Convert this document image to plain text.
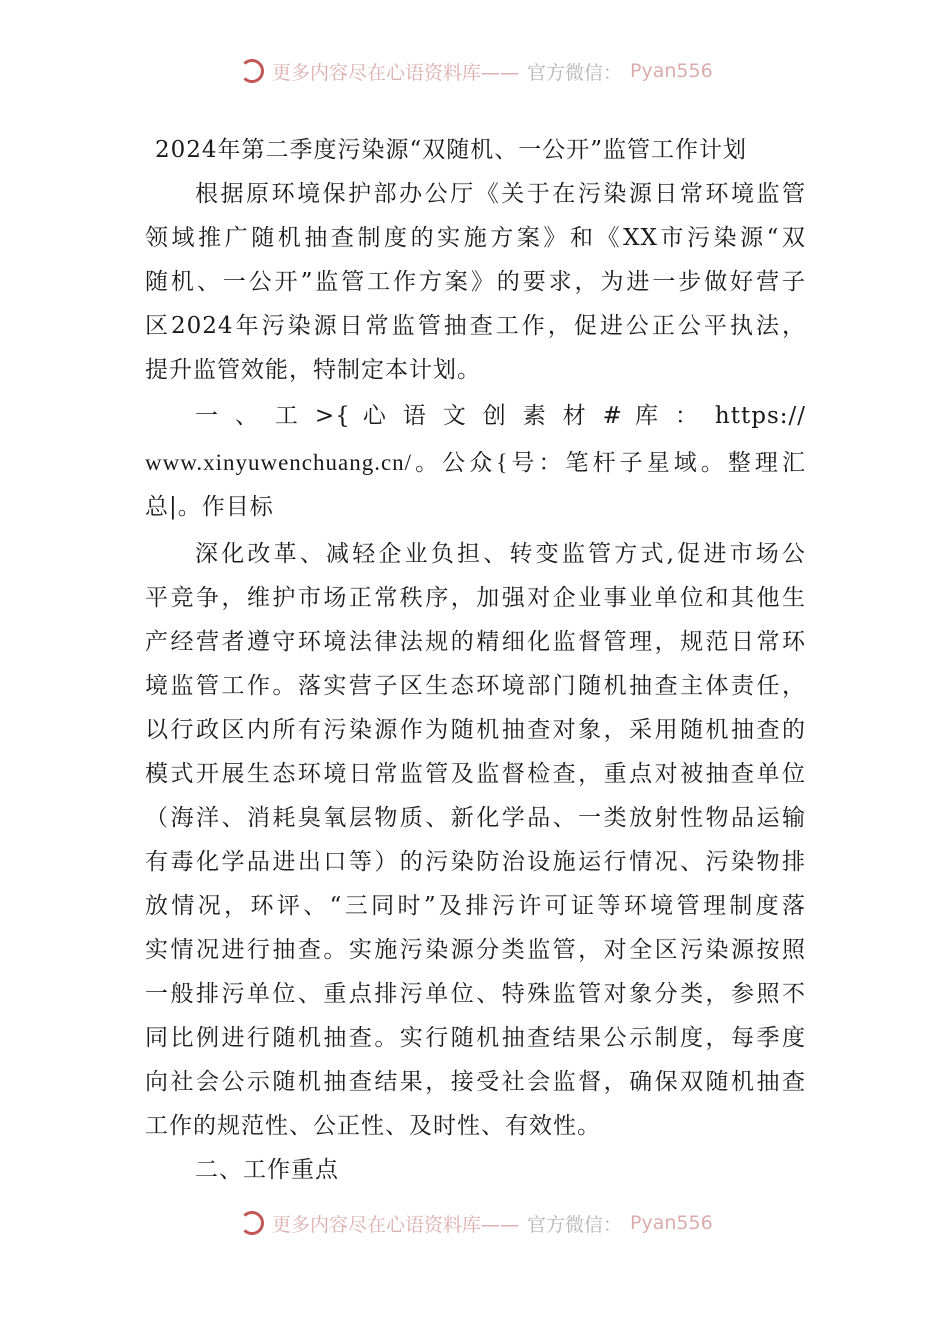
更多内容尽在心语资料库—— 官方微信： Pyan556
2024年第二季度污染源“双随机、一公开”监管工作计划
根据原环境保护部办公厅《关于在污染源日常环境监管
领域推广随机抽查制度的实施方案》和《XX市污染源“双
随机、一公开”监管工作方案》的要求，为进一步做好营子
区2024年污染源日常监管抽查工作，促进公正公平执法，
提升监管效能，特制定本计划。
一 、 工 >{ 心 语 文 创 素 材 # 库 ： https://
www.xinyuwenchuang.cn/。公众{号：笔杆子星域。整理汇
总|。作目标
深化改革、减轻企业负担、转变监管方式,促进市场公
平竞争，维护市场正常秩序，加强对企业事业单位和其他生
产经营者遵守环境法律法规的精细化监督管理，规范日常环
境监管工作。落实营子区生态环境部门随机抽查主体责任，
以行政区内所有污染源作为随机抽查对象，采用随机抽查的
模式开展生态环境日常监管及监督检查，重点对被抽查单位
（海洋、消耗臭氧层物质、新化学品、一类放射性物品运输
有毒化学品进出口等）的污染防治设施运行情况、污染物排
放情况，环评、“三同时”及排污许可证等环境管理制度落
实情况进行抽查。实施污染源分类监管，对全区污染源按照
一般排污单位、重点排污单位、特殊监管对象分类，参照不
同比例进行随机抽查。实行随机抽查结果公示制度，每季度
向社会公示随机抽查结果，接受社会监督，确保双随机抽查
工作的规范性、公正性、及时性、有效性。
二、工作重点
更多内容尽在心语资料库—— 官方微信： Pyan556
